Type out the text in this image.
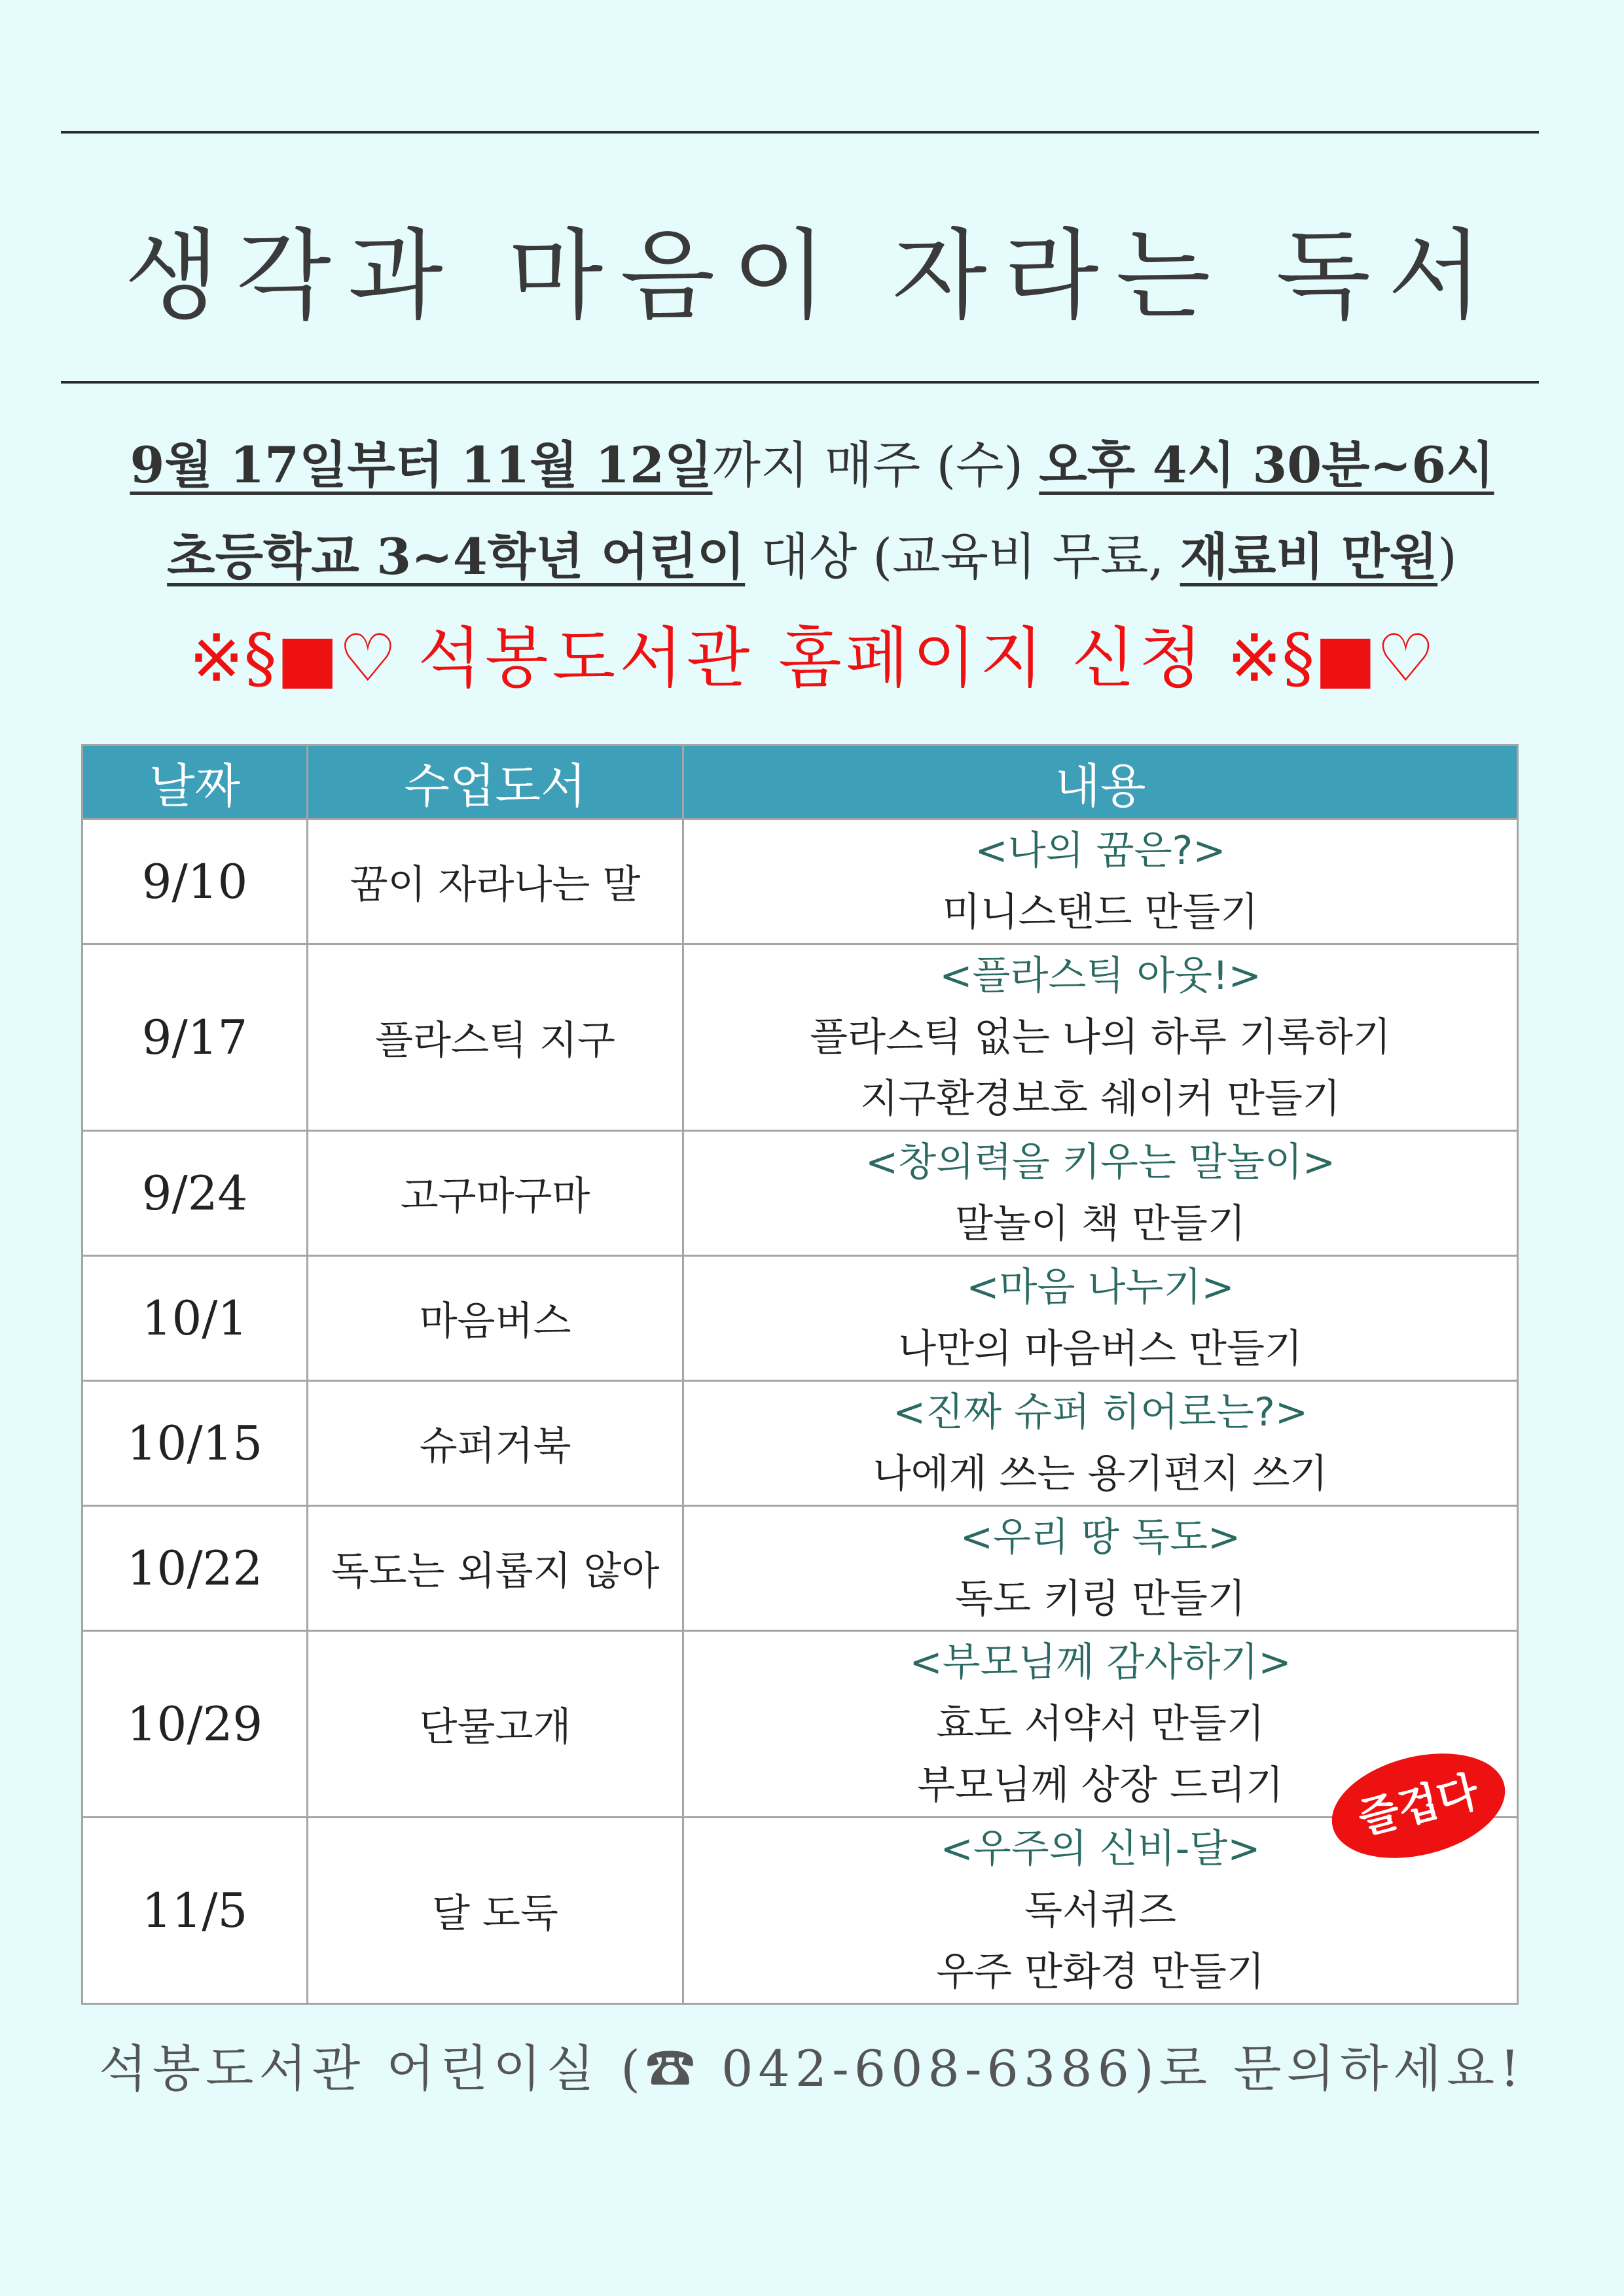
생각과 마음이 자라는 독서
9월 17일부터 11월 12일까지 매주 (수) 오후 4시 30분~6시
초등학교 3~4학년 어린이 대상 (교육비 무료, 재료비 만원)
※§■♡ 석봉도서관 홈페이지 신청 ※§■♡
날짜	수업도서	내용
9/10	꿈이 자라나는 말	<나의 꿈은?>
미니스탠드 만들기

9/17	플라스틱 지구	<플라스틱 아웃!>
플라스틱 없는 나의 하루 기록하기
지구환경보호 쉐이커 만들기

9/24	고구마구마	<창의력을 키우는 말놀이>
말놀이 책 만들기

10/1	마음버스	<마음 나누기>
나만의 마음버스 만들기

10/15	슈퍼거북	<진짜 슈퍼 히어로는?>
나에게 쓰는 용기편지 쓰기

10/22	독도는 외롭지 않아	<우리 땅 독도>
독도 키링 만들기

10/29	단물고개	<부모님께 감사하기>
효도 서약서 만들기
부모님께 상장 드리기

11/5	달 도둑	<우주의 신비-달>
독서퀴즈
우주 만화경 만들기
즐겁다
석봉도서관 어린이실 (☎ 042-608-6386)로 문의하세요!
